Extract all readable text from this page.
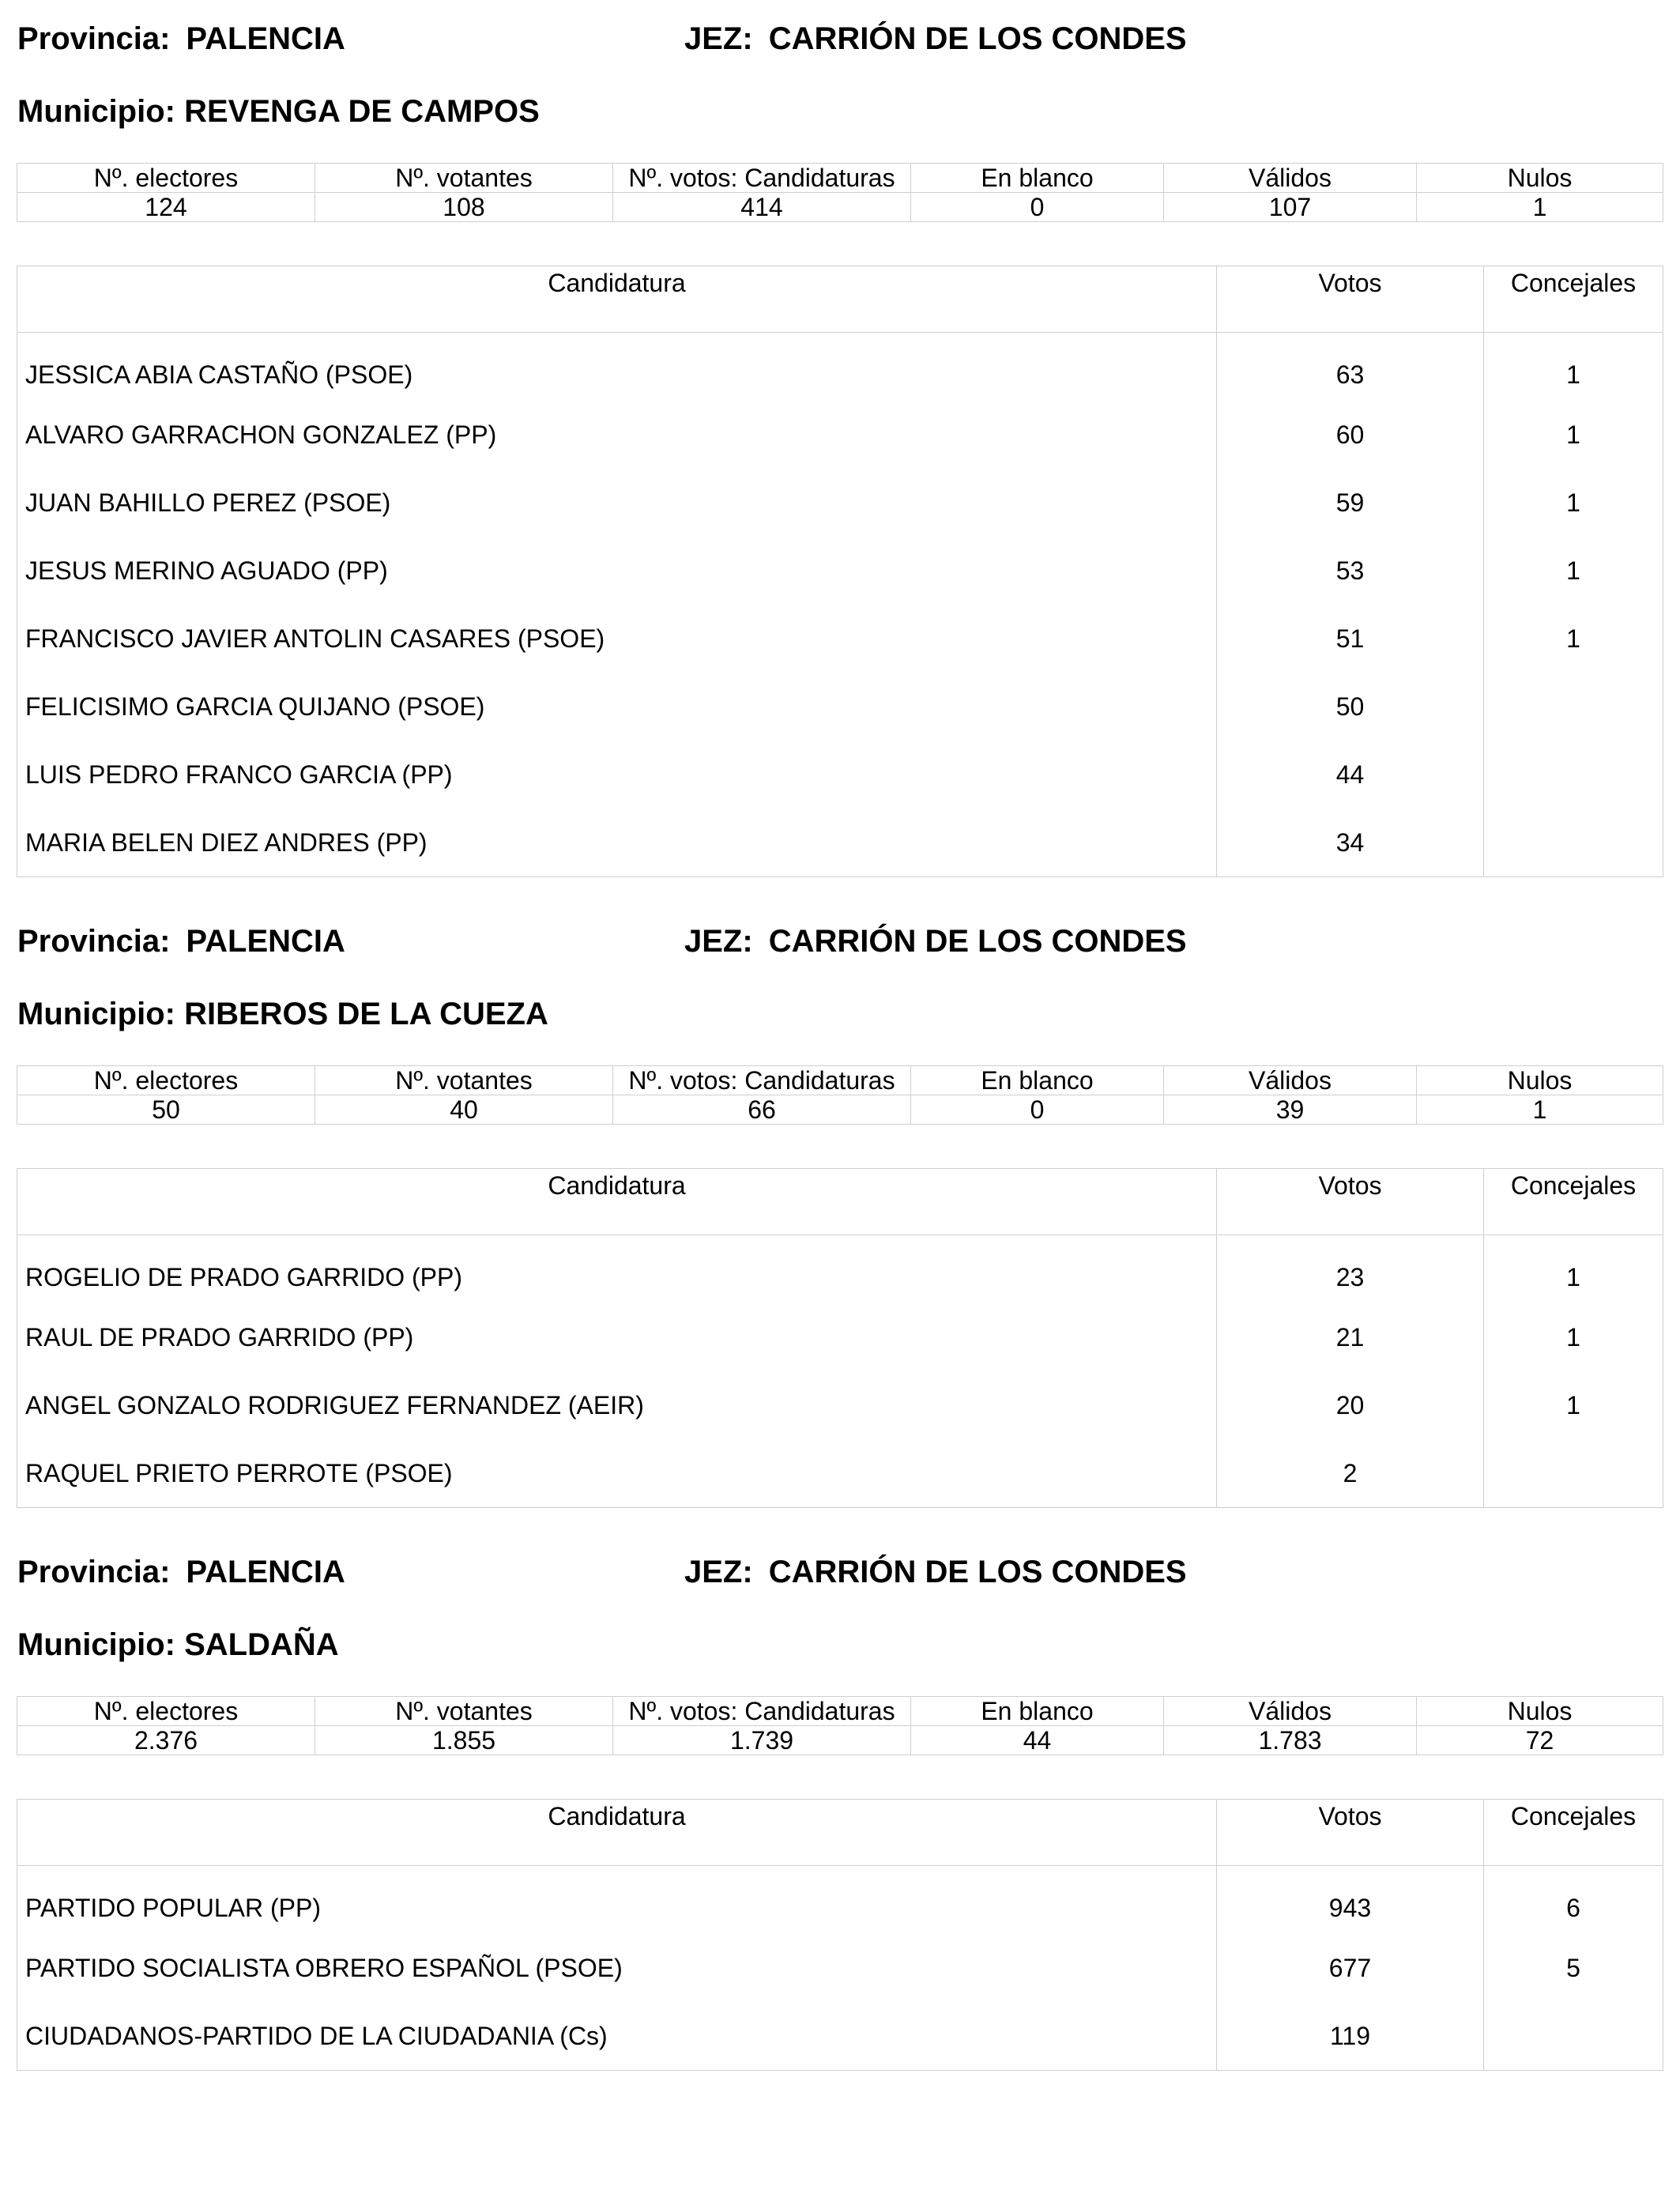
Provincia: PALENCIA	JEZ: CARRIÓN DE LOS CONDES
Municipio: REVENGA DE CAMPOS
Nº. electores	Nº. votantes	Nº. votos: Candidaturas	En blanco	Válidos	Nulos
124	108	414	0	107	1
Candidatura	Votos	Concejales
JESSICA ABIA CASTAÑO (PSOE)	63	1
ALVARO GARRACHON GONZALEZ (PP)	60	1
JUAN BAHILLO PEREZ (PSOE)	59	1
JESUS MERINO AGUADO (PP)	53	1
FRANCISCO JAVIER ANTOLIN CASARES (PSOE)	51	1
FELICISIMO GARCIA QUIJANO (PSOE)	50	
LUIS PEDRO FRANCO GARCIA (PP)	44	
MARIA BELEN DIEZ ANDRES (PP)	34	
Provincia: PALENCIA	JEZ: CARRIÓN DE LOS CONDES
Municipio: RIBEROS DE LA CUEZA
Nº. electores	Nº. votantes	Nº. votos: Candidaturas	En blanco	Válidos	Nulos
50	40	66	0	39	1
Candidatura	Votos	Concejales
ROGELIO DE PRADO GARRIDO (PP)	23	1
RAUL DE PRADO GARRIDO (PP)	21	1
ANGEL GONZALO RODRIGUEZ FERNANDEZ (AEIR)	20	1
RAQUEL PRIETO PERROTE (PSOE)	2	
Provincia: PALENCIA	JEZ: CARRIÓN DE LOS CONDES
Municipio: SALDAÑA
Nº. electores	Nº. votantes	Nº. votos: Candidaturas	En blanco	Válidos	Nulos
2.376	1.855	1.739	44	1.783	72
Candidatura	Votos	Concejales
PARTIDO POPULAR (PP)	943	6
PARTIDO SOCIALISTA OBRERO ESPAÑOL (PSOE)	677	5
CIUDADANOS-PARTIDO DE LA CIUDADANIA (Cs)	119	
